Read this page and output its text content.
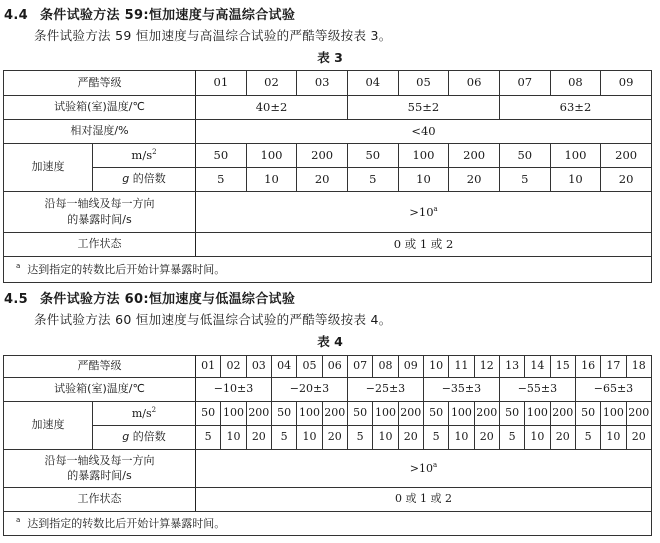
4.4 条件试验方法 59:恒加速度与高温综合试验
条件试验方法 59 恒加速度与高温综合试验的严酷等级按表 3。
表 3
严酷等级		01	02	03	04	05	06	07	08	09
试验箱(室)温度/℃		40±2			55±2			63±2		
相对湿度/%		<40								
加速度	$m/s^2$	50	100	200	50	100	200	50	100	200
	g 的倍数	5	10	20	5	10	20	5	10	20

沿每一轴线及每一方向
的暴露时间/s		$>10^a$
工作状态		0 或 1 或 2								
$^a$ 达到指定的转数比后开始计算暴露时间。										
4.5 条件试验方法 60:恒加速度与低温综合试验
条件试验方法 60 恒加速度与低温综合试验的严酷等级按表 4。
表 4
严酷等级		01	02	03	04	05	06	07	08	09	10	11	12	13	14	15	16	17	18
试验箱(室)温度/℃		−10±3			−20±3			−25±3			−35±3			−55±3			−65±3		
加速度	$m/s^2$	50	100	200	50	100	200	50	100	200	50	100	200	50	100	200	50	100	200
	g 的倍数	5	10	20	5	10	20	5	10	20	5	10	20	5	10	20	5	10	20

沿每一轴线及每一方向
的暴露时间/s		$>10^a$
工作状态		0 或 1 或 2																	
$^a$ 达到指定的转数比后开始计算暴露时间。																			
